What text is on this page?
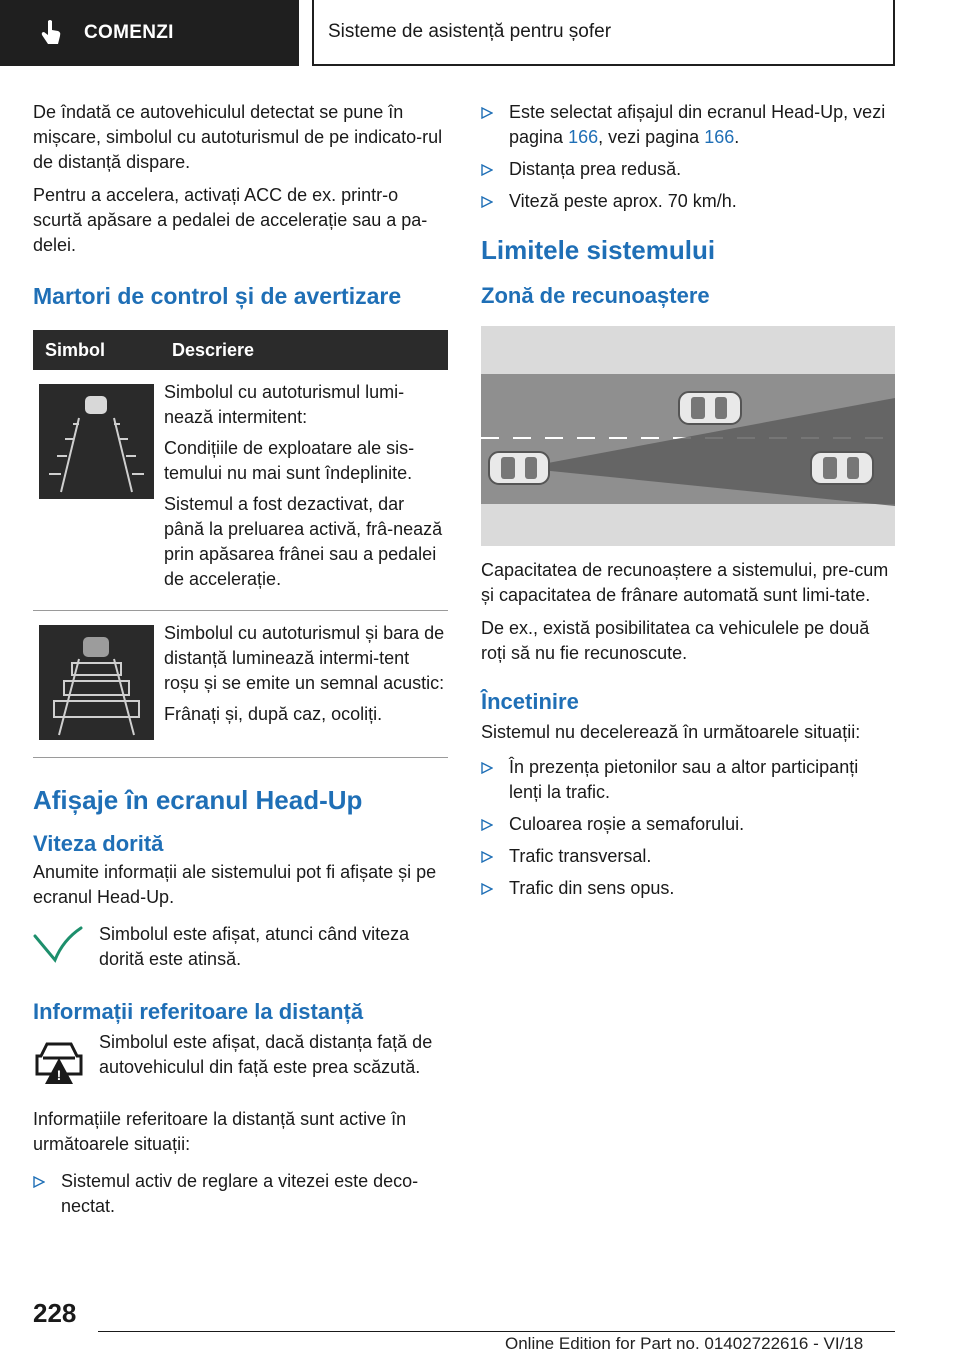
COMENZI	Sisteme de asistență pentru șofer

De îndată ce autovehiculul detectat se pune în mișcare, simbolul cu autoturismul de pe indicato-rul de distanță dispare.

Pentru a accelera, activați ACC de ex. printr-o scurtă apăsare a pedalei de accelerație sau a pa-delei.

Martori de control și de avertizare
Simbol	Descriere

Simbolul cu autoturismul lumi-nează intermitent:
Condițiile de exploatare ale sis-temului nu mai sunt îndeplinite.
Sistemul a fost dezactivat, dar până la preluarea activă, frâ-nează prin apăsarea frânei sau a pedalei de accelerație.

Simbolul cu autoturismul și bara de distanță luminează intermi-tent roșu și se emite un semnal acustic:
Frânați și, după caz, ocoliți.
Afișaje în ecranul Head-Up
Viteza dorită

Anumite informații ale sistemului pot fi afișate și pe ecranul Head-Up.

Simbolul este afișat, atunci când viteza dorită este atinsă.
Informații referitoare la distanță
!
Simbolul este afișat, dacă distanța față de autovehiculul din față este prea scăzută.

Informațiile referitoare la distanță sunt active în următoarele situații:

Sistemul activ de reglare a vitezei este deco-nectat.
Este selectat afișajul din ecranul Head-Up, vezi pagina 166, vezi pagina 166.
Distanța prea redusă.
Viteză peste aprox. 70 km/h.
Limitele sistemului
Zonă de recunoaștere

Capacitatea de recunoaștere a sistemului, pre-cum și capacitatea de frânare automată sunt limi-tate.

De ex., există posibilitatea ca vehiculele pe două roți să nu fie recunoscute.

Încetinire

Sistemul nu decelerează în următoarele situații:

În prezența pietonilor sau a altor participanți lenți la trafic.
Culoarea roșie a semaforului.
Trafic transversal.
Trafic din sens opus.
228
Online Edition for Part no. 01402722616 - VI/18
